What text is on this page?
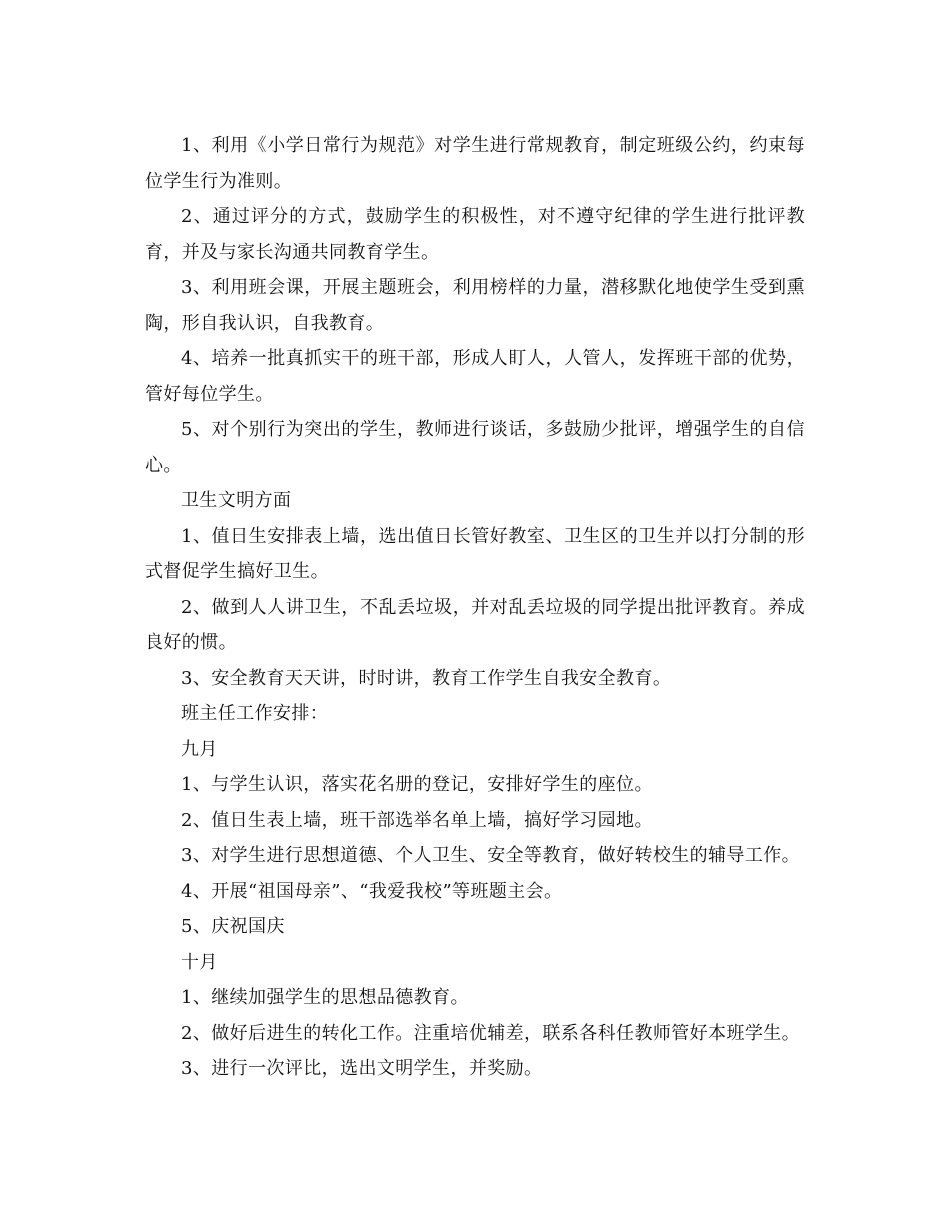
1、利用《小学日常行为规范》对学生进行常规教育，制定班级公约，约束每位学生行为准则。

2、通过评分的方式，鼓励学生的积极性，对不遵守纪律的学生进行批评教育，并及与家长沟通共同教育学生。

3、利用班会课，开展主题班会，利用榜样的力量，潜移默化地使学生受到熏陶，形自我认识，自我教育。

4、培养一批真抓实干的班干部，形成人盯人，人管人，发挥班干部的优势，管好每位学生。

5、对个别行为突出的学生，教师进行谈话，多鼓励少批评，增强学生的自信心。

卫生文明方面

1、值日生安排表上墙，选出值日长管好教室、卫生区的卫生并以打分制的形式督促学生搞好卫生。

2、做到人人讲卫生，不乱丢垃圾，并对乱丢垃圾的同学提出批评教育。养成良好的惯。

3、安全教育天天讲，时时讲，教育工作学生自我安全教育。

班主任工作安排：

九月

1、与学生认识，落实花名册的登记，安排好学生的座位。

2、值日生表上墙，班干部选举名单上墙，搞好学习园地。

3、对学生进行思想道德、个人卫生、安全等教育，做好转校生的辅导工作。

4、开展“祖国母亲”、“我爱我校”等班题主会。

5、庆祝国庆

十月

1、继续加强学生的思想品德教育。

2、做好后进生的转化工作。注重培优辅差，联系各科任教师管好本班学生。

3、进行一次评比，选出文明学生，并奖励。
